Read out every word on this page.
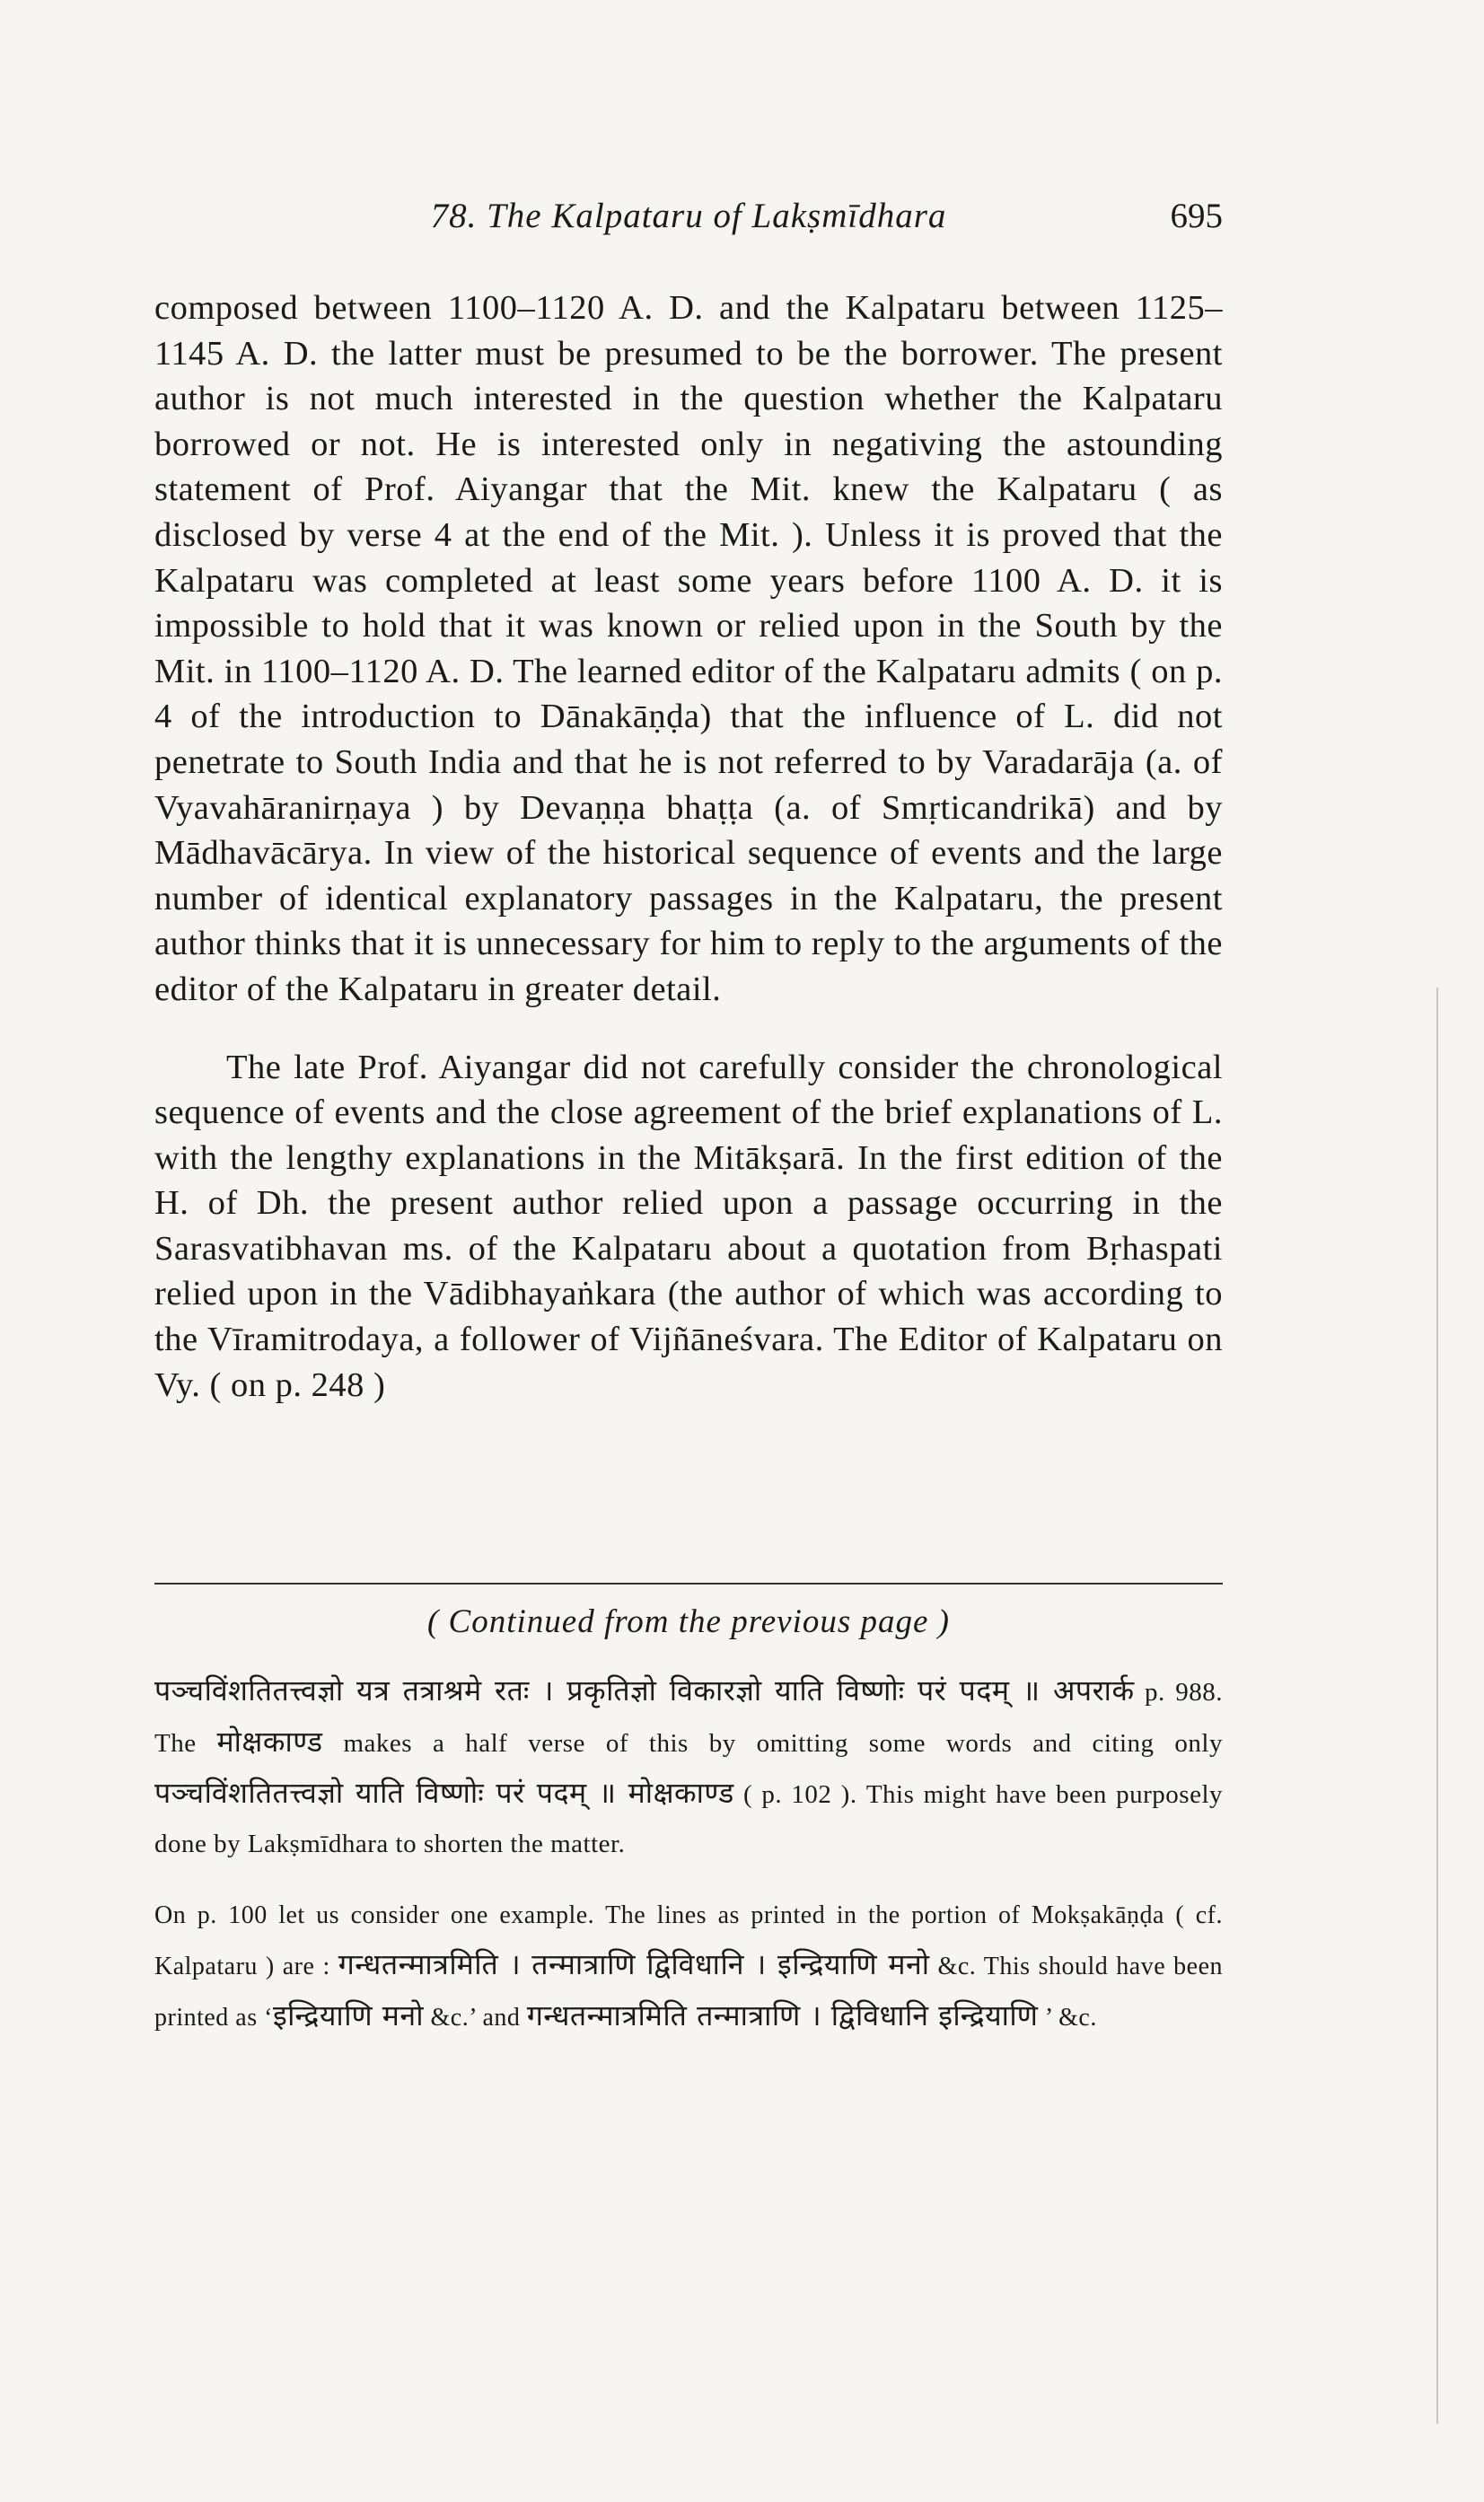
78. The Kalpataru of Lakṣmīdhara	695

composed between 1100–1120 A. D. and the Kalpataru between 1125–1145 A. D. the latter must be presumed to be the borrower. The present author is not much interested in the question whether the Kalpataru borrowed or not. He is interested only in negativing the astounding statement of Prof. Aiyangar that the Mit. knew the Kalpataru ( as disclosed by verse 4 at the end of the Mit. ). Unless it is proved that the Kalpataru was completed at least some years before 1100 A. D. it is impossible to hold that it was known or relied upon in the South by the Mit. in 1100–1120 A. D. The learned editor of the Kalpataru admits ( on p. 4 of the introduction to Dānakāṇḍa) that the influence of L. did not penetrate to South India and that he is not referred to by Varadarāja (a. of Vyavahāranirṇaya ) by Devaṇṇa bhaṭṭa (a. of Smṛticandrikā) and by Mādhavācārya. In view of the historical sequence of events and the large number of identical explanatory passages in the Kalpataru, the present author thinks that it is unnecessary for him to reply to the arguments of the editor of the Kalpataru in greater detail.

The late Prof. Aiyangar did not carefully consider the chronological sequence of events and the close agreement of the brief explanations of L. with the lengthy explanations in the Mitākṣarā. In the first edition of the H. of Dh. the present author relied upon a passage occurring in the Sarasvatibhavan ms. of the Kalpataru about a quotation from Bṛhaspati relied upon in the Vādibhayaṅkara (the author of which was according to the Vīramitrodaya, a follower of Vijñāneśvara. The Editor of Kalpataru on Vy. ( on p. 248 )

( Continued from the previous page )

पञ्चविंशतितत्त्वज्ञो यत्र तत्राश्रमे रतः । प्रकृतिज्ञो विकारज्ञो याति विष्णोः परं पदम् ॥ अपरार्क p. 988. The मोक्षकाण्ड makes a half verse of this by omitting some words and citing only पञ्चविंशतितत्त्वज्ञो याति विष्णोः परं पदम् ॥ मोक्षकाण्ड ( p. 102 ). This might have been purposely done by Lakṣmīdhara to shorten the matter.

On p. 100 let us consider one example. The lines as printed in the portion of Mokṣakāṇḍa ( cf. Kalpataru ) are : गन्धतन्मात्रमिति । तन्मात्राणि द्विविधानि । इन्द्रियाणि मनो &c. This should have been printed as ‘इन्द्रियाणि मनो &c.’ and गन्धतन्मात्रमिति तन्मात्राणि । द्विविधानि इन्द्रियाणि ’ &c.
